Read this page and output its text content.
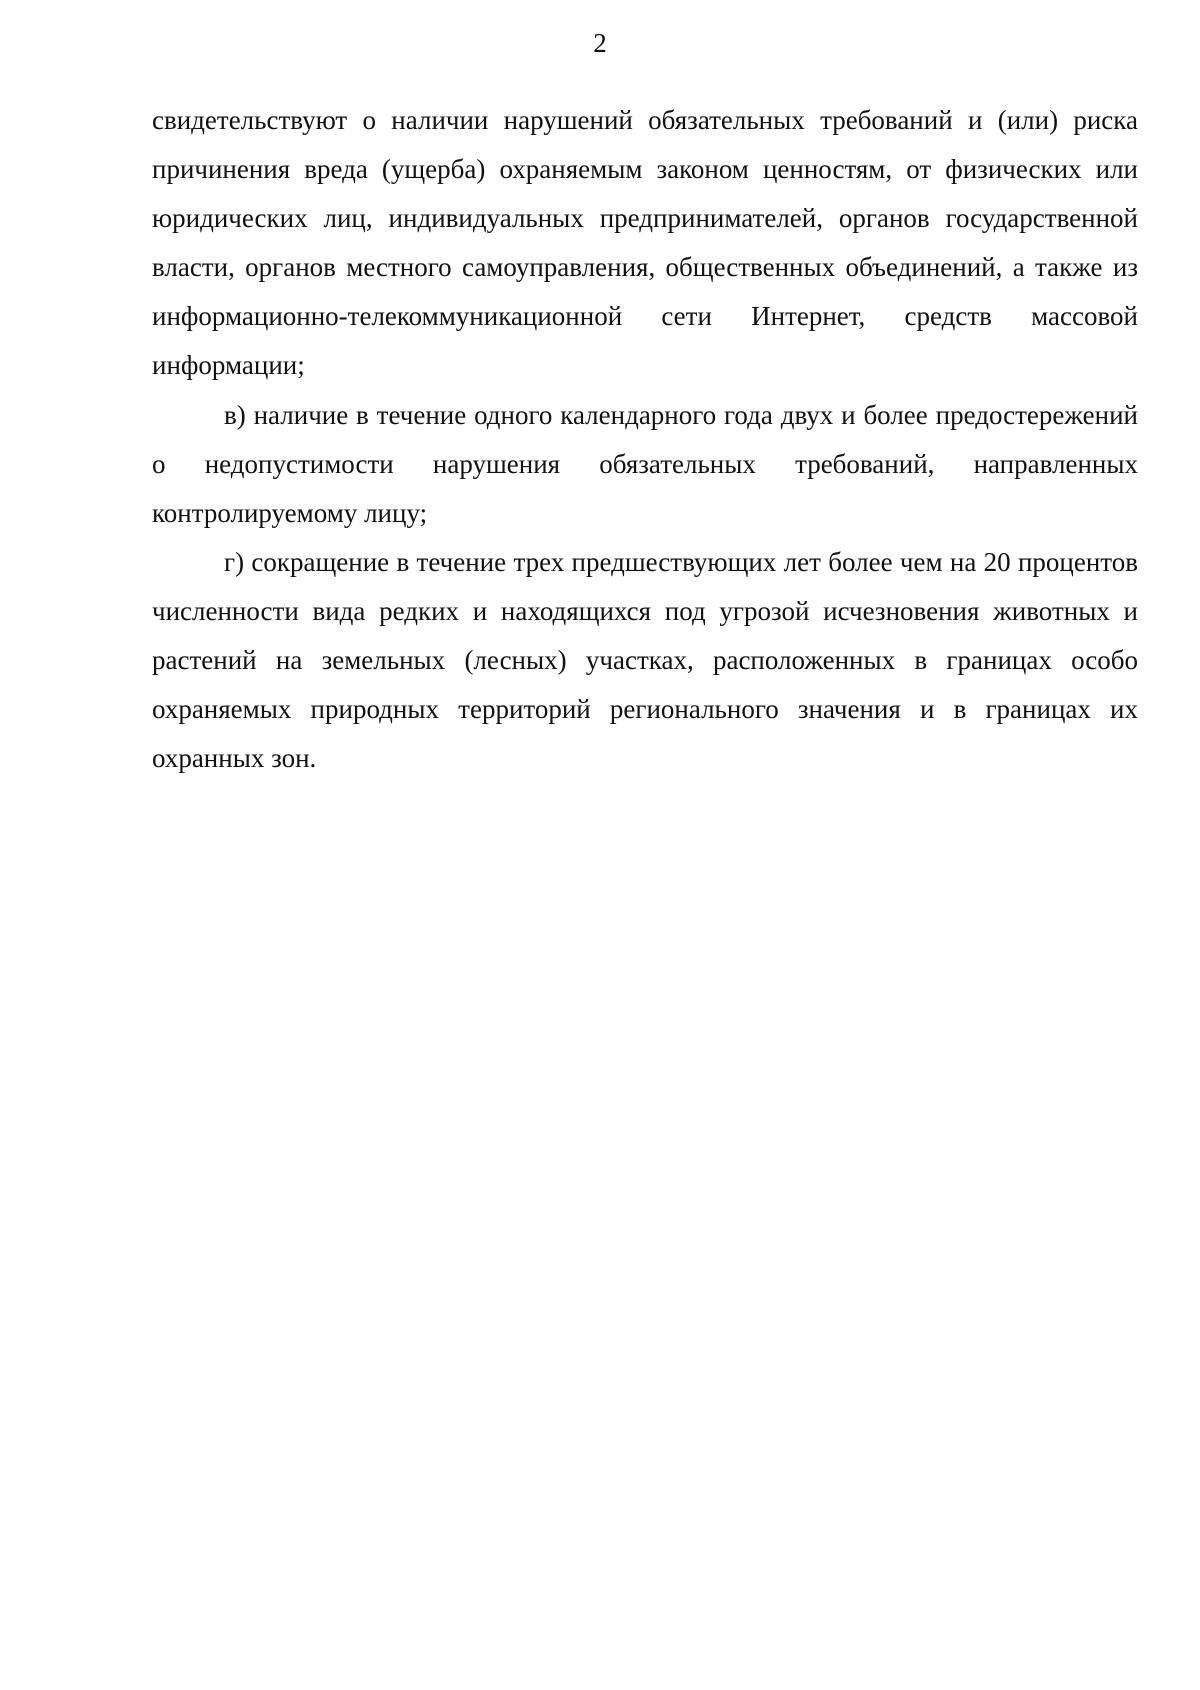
2

свидетельствуют о наличии нарушений обязательных требований и (или) риска причинения вреда (ущерба) охраняемым законом ценностям, от физических или юридических лиц, индивидуальных предпринимателей, органов государственной власти, органов местного самоуправления, общественных объединений, а также из информационно-телекоммуникационной сети Интернет, средств массовой информации;

в) наличие в течение одного календарного года двух и более предостережений о недопустимости нарушения обязательных требований, направленных контролируемому лицу;

г) сокращение в течение трех предшествующих лет более чем на 20 процентов численности вида редких и находящихся под угрозой исчезновения животных и растений на земельных (лесных) участках, расположенных в границах особо охраняемых природных территорий регионального значения и в границах их охранных зон.
